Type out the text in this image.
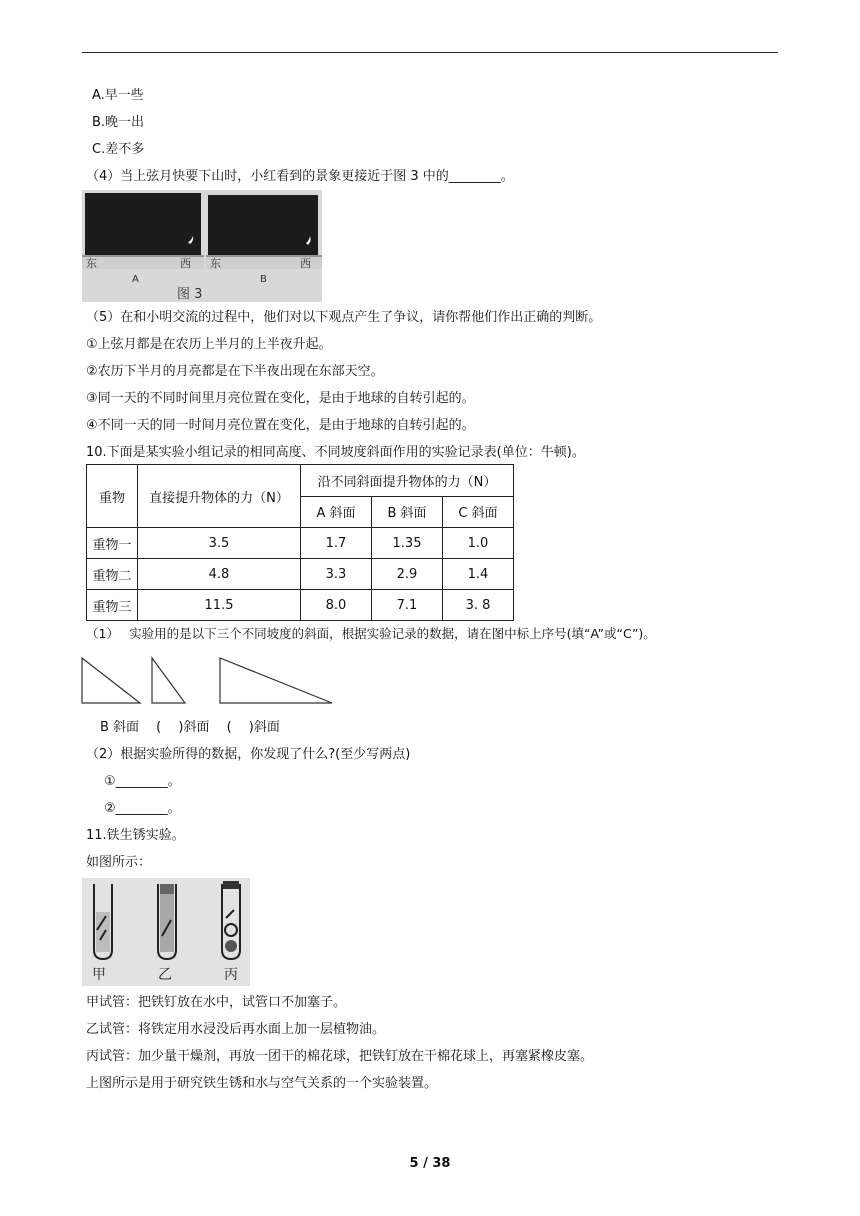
A.早一些
B.晚一出
C.差不多
（4）当上弦月快要下山时，小红看到的景象更接近于图 3 中的________。
东	西 东	西
A	B
图 3
（5）在和小明交流的过程中，他们对以下观点产生了争议，请你帮他们作出正确的判断。
①上弦月都是在农历上半月的上半夜升起。
②农历下半月的月亮都是在下半夜出现在东部天空。
③同一天的不同时间里月亮位置在变化，是由于地球的自转引起的。
④不同一天的同一时间月亮位置在变化，是由于地球的自转引起的。
10.下面是某实验小组记录的相同高度、不同坡度斜面作用的实验记录表(单位：牛顿)。
重物	直接提升物体的力（N）	沿不同斜面提升物体的力（N）		
		A 斜面	B 斜面	C 斜面
重物一	3.5	1.7	1.35	1.0
重物二	4.8	3.3	2.9	1.4
重物三	11.5	8.0	7.1	3. 8
（1）　 实验用的是以下三个不同坡度的斜面，根据实验记录的数据，请在图中标上序号(填“A”或“C”)。
B 斜面　 (　 )斜面　 (　 )斜面
（2）根据实验所得的数据，你发现了什么?(至少写两点)
①________。
②________。
11.铁生锈实验。
如图所示：
甲	乙	丙
甲试管：把铁钉放在水中，试管口不加塞子。
乙试管：将铁定用水浸没后再水面上加一层植物油。
丙试管：加少量干燥剂，再放一团干的棉花球，把铁钉放在干棉花球上，再塞紧橡皮塞。
上图所示是用于研究铁生锈和水与空气关系的一个实验装置。
5 / 38
